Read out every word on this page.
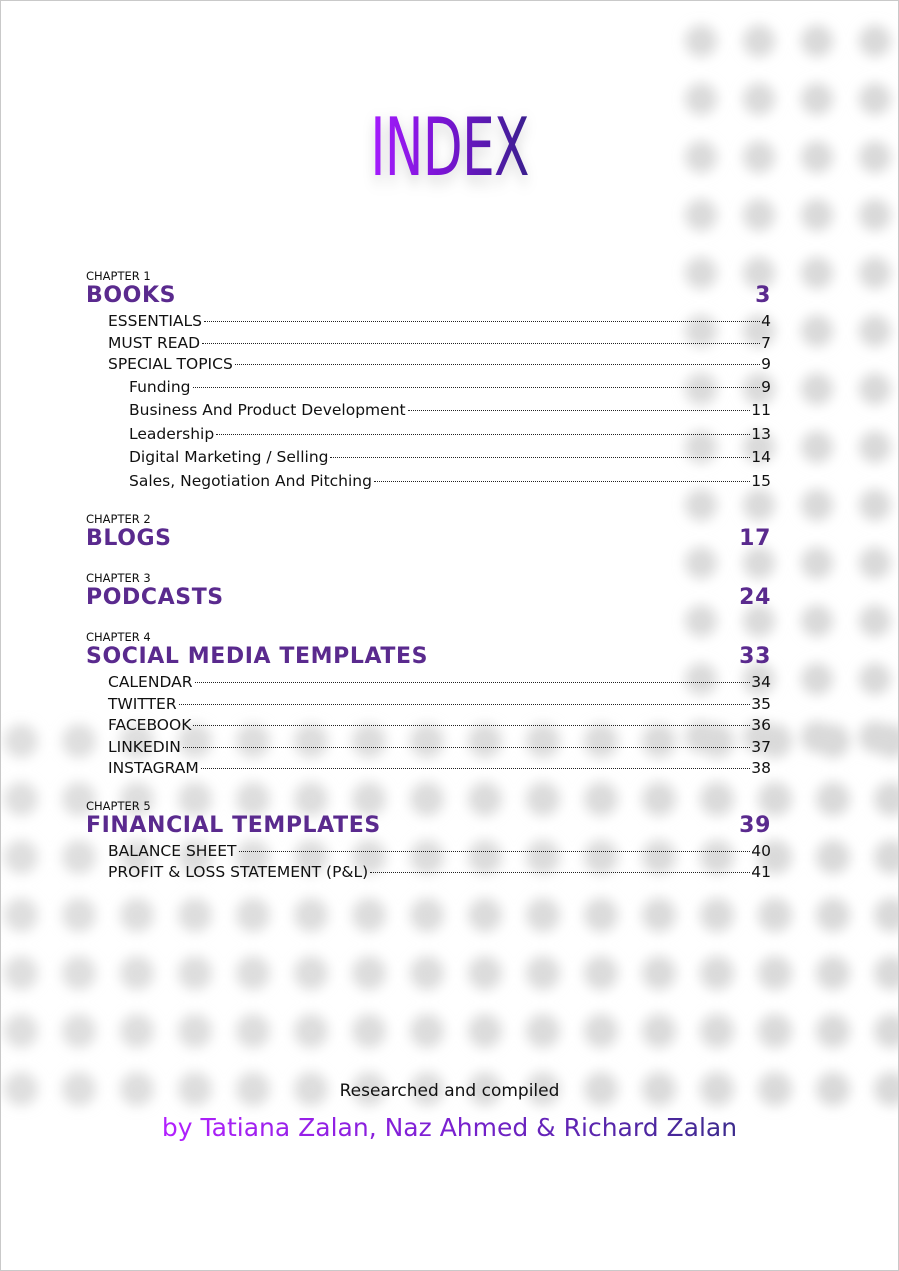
INDEX
CHAPTER 1
BOOKS	3
ESSENTIALS	4
MUST READ	7
SPECIAL TOPICS	9
Funding	9
Business And Product Development	11
Leadership	13
Digital Marketing / Selling	14
Sales, Negotiation And Pitching	15
CHAPTER 2
BLOGS	17
CHAPTER 3
PODCASTS	24
CHAPTER 4
SOCIAL MEDIA TEMPLATES	33
CALENDAR	34
TWITTER	35
FACEBOOK	36
LINKEDIN	37
INSTAGRAM	38
CHAPTER 5
FINANCIAL TEMPLATES	39
BALANCE SHEET	40
PROFIT & LOSS STATEMENT (P&L)	41
Researched and compiled
by Tatiana Zalan, Naz Ahmed & Richard Zalan
